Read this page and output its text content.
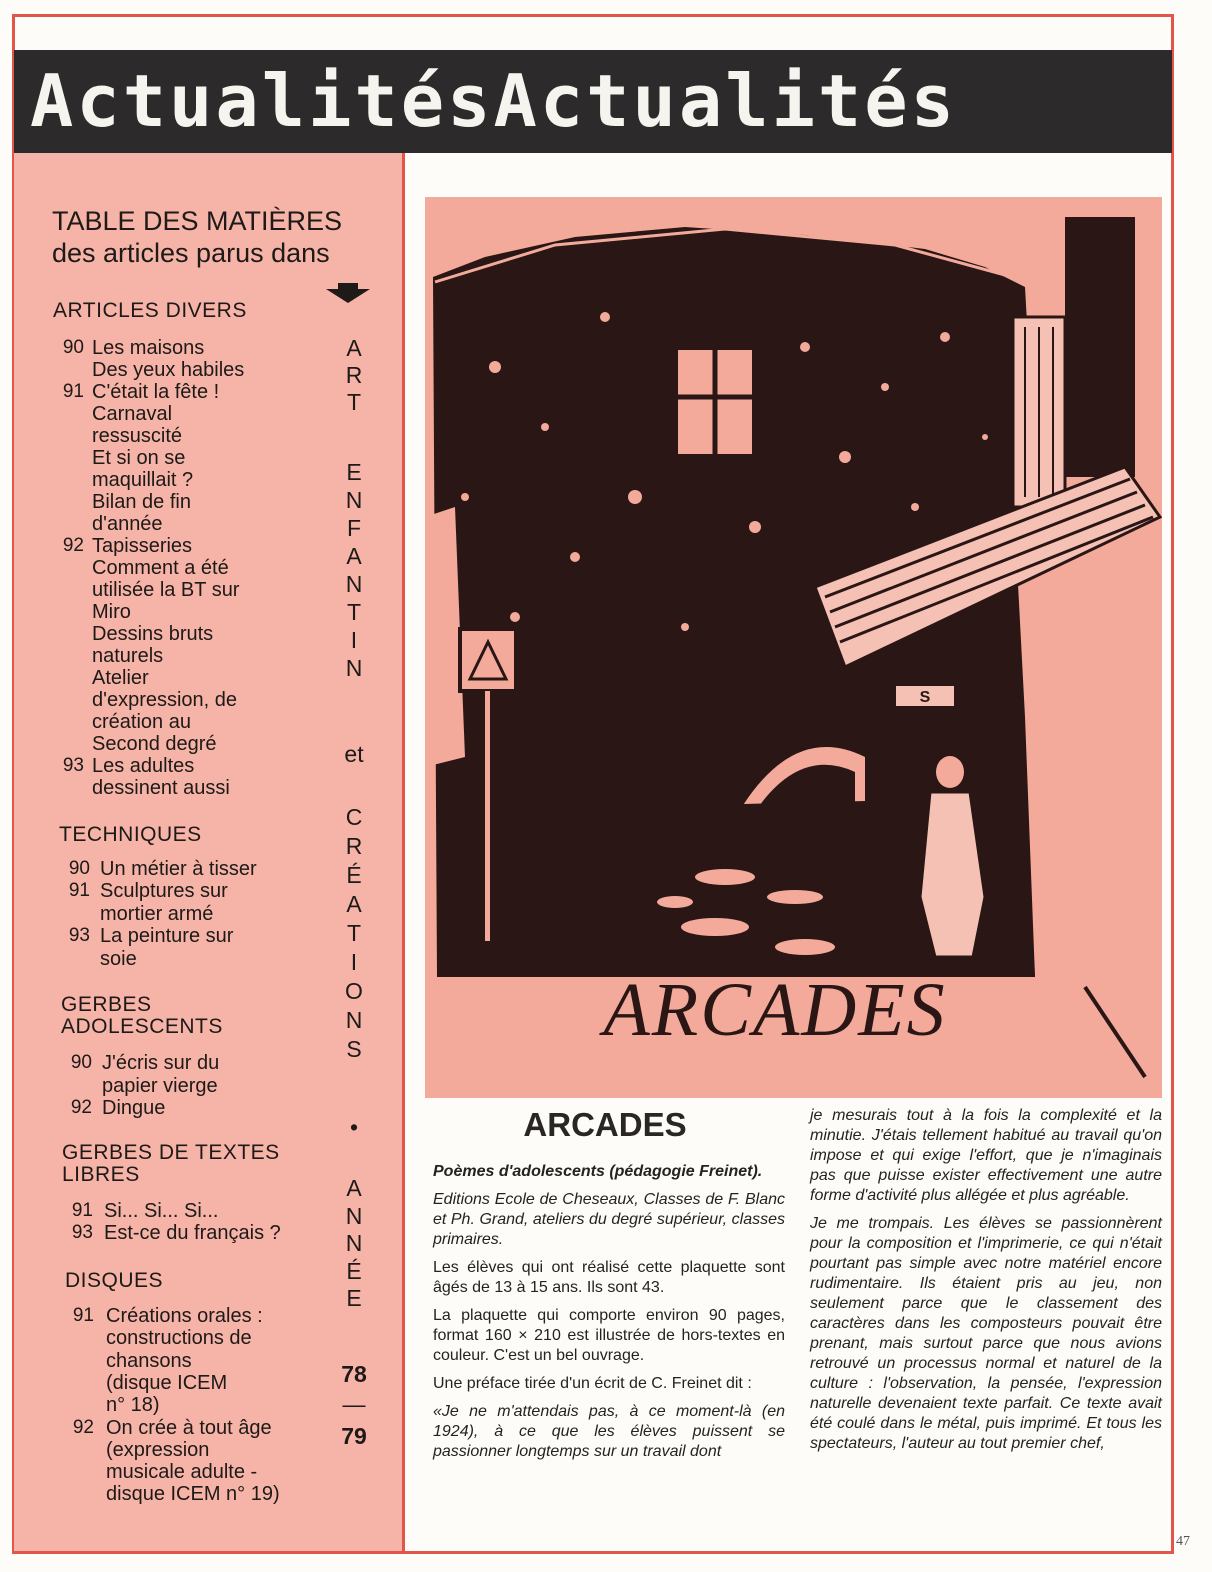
ActualitésActualités
TABLE DES MATIÈRES
des articles parus dans
ARTICLES DIVERS
90 Les maisons
Des yeux habiles
91 C'était la fête !
Carnaval
ressuscité
Et si on se
maquillait ?
Bilan de fin
d'année
92 Tapisseries
Comment a été
utilisée la BT sur
Miro
Dessins bruts
naturels
Atelier
d'expression, de
création au
Second degré
93 Les adultes
dessinent aussi
TECHNIQUES
90 Un métier à tisser
91 Sculptures sur
mortier armé
93 La peinture sur
soie
GERBES
ADOLESCENTS
90 J'écris sur du
papier vierge
92 Dingue
GERBES DE TEXTES
LIBRES
91 Si... Si... Si...
93 Est-ce du français ?
DISQUES
91 Créations orales :
constructions de
chansons
(disque ICEM
n° 18)
92 On crée à tout âge
(expression
musicale adulte -
disque ICEM n° 19)
A
R
T
E
N
F
A
N
T
I
N
et
C
R
É
A
T
I
O
N
S
•
A
N
N
É
E
78
—
79
S
ARCADES
ARCADES

Poèmes d'adolescents (pédagogie Freinet).

Editions Ecole de Cheseaux, Classes de F. Blanc et Ph. Grand, ateliers du degré supérieur, classes primaires.

Les élèves qui ont réalisé cette plaquette sont âgés de 13 à 15 ans. Ils sont 43.

La plaquette qui comporte environ 90 pages, format 160 × 210 est illustrée de hors-textes en couleur. C'est un bel ouvrage.

Une préface tirée d'un écrit de C. Freinet dit :

«Je ne m'attendais pas, à ce moment-là (en 1924), à ce que les élèves puissent se passionner longtemps sur un travail dont

je mesurais tout à la fois la complexité et la minutie. J'étais tellement habitué au travail qu'on impose et qui exige l'effort, que je n'imaginais pas que puisse exister effectivement une autre forme d'activité plus allégée et plus agréable.

Je me trompais. Les élèves se passionnèrent pour la composition et l'imprimerie, ce qui n'était pourtant pas simple avec notre matériel encore rudimentaire. Ils étaient pris au jeu, non seulement parce que le classement des caractères dans les composteurs pouvait être prenant, mais surtout parce que nous avions retrouvé un processus normal et naturel de la culture : l'observation, la pensée, l'expression naturelle devenaient texte parfait. Ce texte avait été coulé dans le métal, puis imprimé. Et tous les spectateurs, l'auteur au tout premier chef,

47
